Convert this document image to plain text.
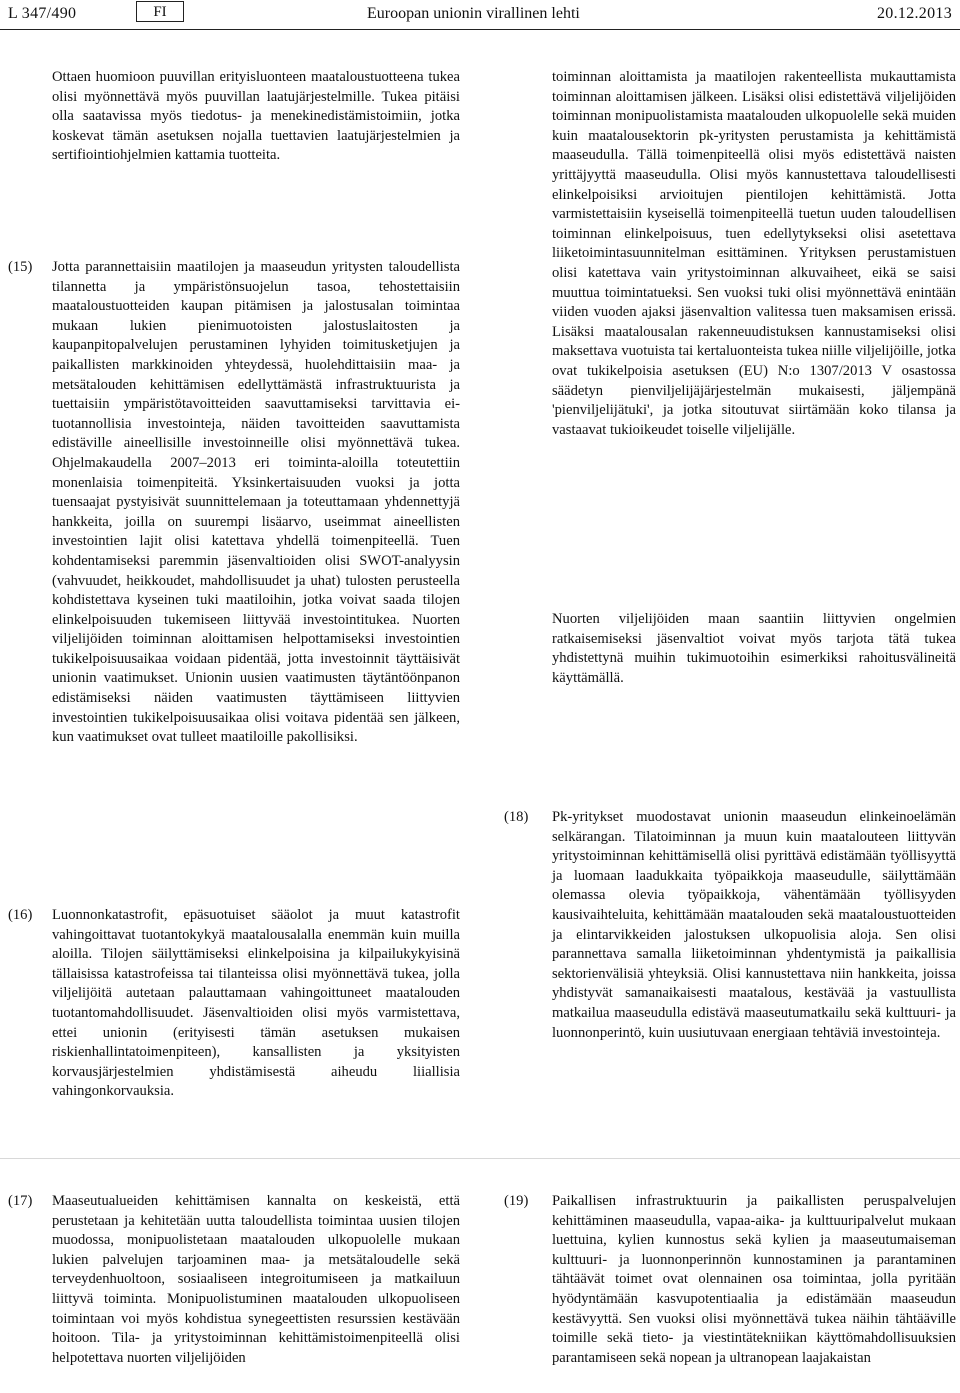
L 347/490	FI	Euroopan unionin virallinen lehti	20.12.2013
Ottaen huomioon puuvillan erityisluonteen maataloustuotteena tukea olisi myönnettävä myös puuvillan laatujärjestelmille. Tukea pitäisi olla saatavissa myös tiedotus- ja menekinedistämistoimiin, jotka koskevat tämän asetuksen nojalla tuettavien laatujärjestelmien ja sertifiointiohjelmien kattamia tuotteita.
(15) Jotta parannettaisiin maatilojen ja maaseudun yritysten taloudellista tilannetta ja ympäristönsuojelun tasoa, tehostettaisiin maataloustuotteiden kaupan pitämisen ja jalostusalan toimintaa mukaan lukien pienimuotoisten jalostuslaitosten ja kaupanpitopalvelujen perustaminen lyhyiden toimitusketjujen ja paikallisten markkinoiden yhteydessä, huolehdittaisiin maa- ja metsätalouden kehittämisen edellyttämästä infrastruktuurista ja tuettaisiin ympäristötavoitteiden saavuttamiseksi tarvittavia ei-tuotannollisia investointeja, näiden tavoitteiden saavuttamista edistäville aineellisille investoinneille olisi myönnettävä tukea. Ohjelmakaudella 2007–2013 eri toiminta-aloilla toteutettiin monenlaisia toimenpiteitä. Yksinkertaisuuden vuoksi ja jotta tuensaajat pystyisivät suunnittelemaan ja toteuttamaan yhdennettyjä hankkeita, joilla on suurempi lisäarvo, useimmat aineellisten investointien lajit olisi katettava yhdellä toimenpiteellä. Tuen kohdentamiseksi paremmin jäsenvaltioiden olisi SWOT-analyysin (vahvuudet, heikkoudet, mahdollisuudet ja uhat) tulosten perusteella kohdistettava kyseinen tuki maatiloihin, jotka voivat saada tilojen elinkelpoisuuden tukemiseen liittyvää investointitukea. Nuorten viljelijöiden toiminnan aloittamisen helpottamiseksi investointien tukikelpoisuusaikaa voidaan pidentää, jotta investoinnit täyttäisivät unionin vaatimukset. Unionin uusien vaatimusten täytäntöönpanon edistämiseksi näiden vaatimusten täyttämiseen liittyvien investointien tukikelpoisuusaikaa olisi voitava pidentää sen jälkeen, kun vaatimukset ovat tulleet maatiloille pakollisiksi.
(16) Luonnonkatastrofit, epäsuotuiset sääolot ja muut katastrofit vahingoittavat tuotantokykyä maatalousalalla enemmän kuin muilla aloilla. Tilojen säilyttämiseksi elinkelpoisina ja kilpailukykyisinä tällaisissa katastrofeissa tai tilanteissa olisi myönnettävä tukea, jolla viljelijöitä autetaan palauttamaan vahingoittuneet maatalouden tuotantomahdollisuudet. Jäsenvaltioiden olisi myös varmistettava, ettei unionin (erityisesti tämän asetuksen mukaisen riskienhallintatoimenpiteen), kansallisten ja yksityisten korvausjärjestelmien yhdistämisestä aiheudu liiallisia vahingonkorvauksia.
toiminnan aloittamista ja maatilojen rakenteellista mukauttamista toiminnan aloittamisen jälkeen. Lisäksi olisi edistettävä viljelijöiden toiminnan monipuolistamista maatalouden ulkopuolelle sekä muiden kuin maatalousektorin pk-yritysten perustamista ja kehittämistä maaseudulla. Tällä toimenpiteellä olisi myös edistettävä naisten yrittäjyyttä maaseudulla. Olisi myös kannustettava taloudellisesti elinkelpoisiksi arvioitujen pientilojen kehittämistä. Jotta varmistettaisiin kyseisellä toimenpiteellä tuetun uuden taloudellisen toiminnan elinkelpoisuus, tuen edellytykseksi olisi asetettava liiketoimintasuunnitelman esittäminen. Yrityksen perustamistuen olisi katettava vain yritystoiminnan alkuvaiheet, eikä se saisi muuttua toimintatueksi. Sen vuoksi tuki olisi myönnettävä enintään viiden vuoden ajaksi jäsenvaltion valitessa tuen maksamisen erissä. Lisäksi maatalousalan rakenneuudistuksen kannustamiseksi olisi maksettava vuotuista tai kertaluonteista tukea niille viljelijöille, jotka ovat tukikelpoisia asetuksen (EU) N:o 1307/2013 V osastossa säädetyn pienviljelijäjärjestelmän mukaisesti, jäljempänä 'pienviljelijätuki', ja jotka sitoutuvat siirtämään koko tilansa ja vastaavat tukioikeudet toiselle viljelijälle.
Nuorten viljelijöiden maan saantiin liittyvien ongelmien ratkaisemiseksi jäsenvaltiot voivat myös tarjota tätä tukea yhdistettynä muihin tukimuotoihin esimerkiksi rahoitusvälineitä käyttämällä.
(18) Pk-yritykset muodostavat unionin maaseudun elinkeinoelämän selkärangan. Tilatoiminnan ja muun kuin maatalouteen liittyvän yritystoiminnan kehittämisellä olisi pyrittävä edistämään työllisyyttä ja luomaan laadukkaita työpaikkoja maaseudulle, säilyttämään olemassa olevia työpaikkoja, vähentämään työllisyyden kausivaihteluita, kehittämään maatalouden sekä maataloustuotteiden ja elintarvikkeiden jalostuksen ulkopuolisia aloja. Sen olisi parannettava samalla liiketoiminnan yhdentymistä ja paikallisia sektorienvälisiä yhteyksiä. Olisi kannustettava niin hankkeita, joissa yhdistyvät samanaikaisesti maatalous, kestävää ja vastuullista matkailua maaseudulla edistävä maaseutumatkailu sekä kulttuuri- ja luonnonperintö, kuin uusiutuvaan energiaan tehtäviä investointeja.
(17) Maaseutualueiden kehittämisen kannalta on keskeistä, että perustetaan ja kehitetään uutta taloudellista toimintaa uusien tilojen muodossa, monipuolistetaan maatalouden ulkopuolelle mukaan lukien palvelujen tarjoaminen maa- ja metsätaloudelle sekä terveydenhuoltoon, sosiaaliseen integroitumiseen ja matkailuun liittyvä toiminta. Monipuolistuminen maatalouden ulkopuoliseen toimintaan voi myös kohdistua synegeettisten resurssien kestävään hoitoon. Tila- ja yritystoiminnan kehittämistoimenpiteellä olisi helpotettava nuorten viljelijöiden
(19) Paikallisen infrastruktuurin ja paikallisten peruspalvelujen kehittäminen maaseudulla, vapaa-aika- ja kulttuuripalvelut mukaan luettuina, kylien kunnostus sekä kylien ja maaseutumaiseman kulttuuri- ja luonnonperinnön kunnostaminen ja parantaminen tähtäävät toimet ovat olennainen osa toimintaa, jolla pyritään hyödyntämään kasvupotentiaalia ja edistämään maaseudun kestävyyttä. Sen vuoksi olisi myönnettävä tukea näihin tähtääville toimille sekä tieto- ja viestintätekniikan käyttömahdollisuuksien parantamiseen sekä nopean ja ultranopean laajakaistan
